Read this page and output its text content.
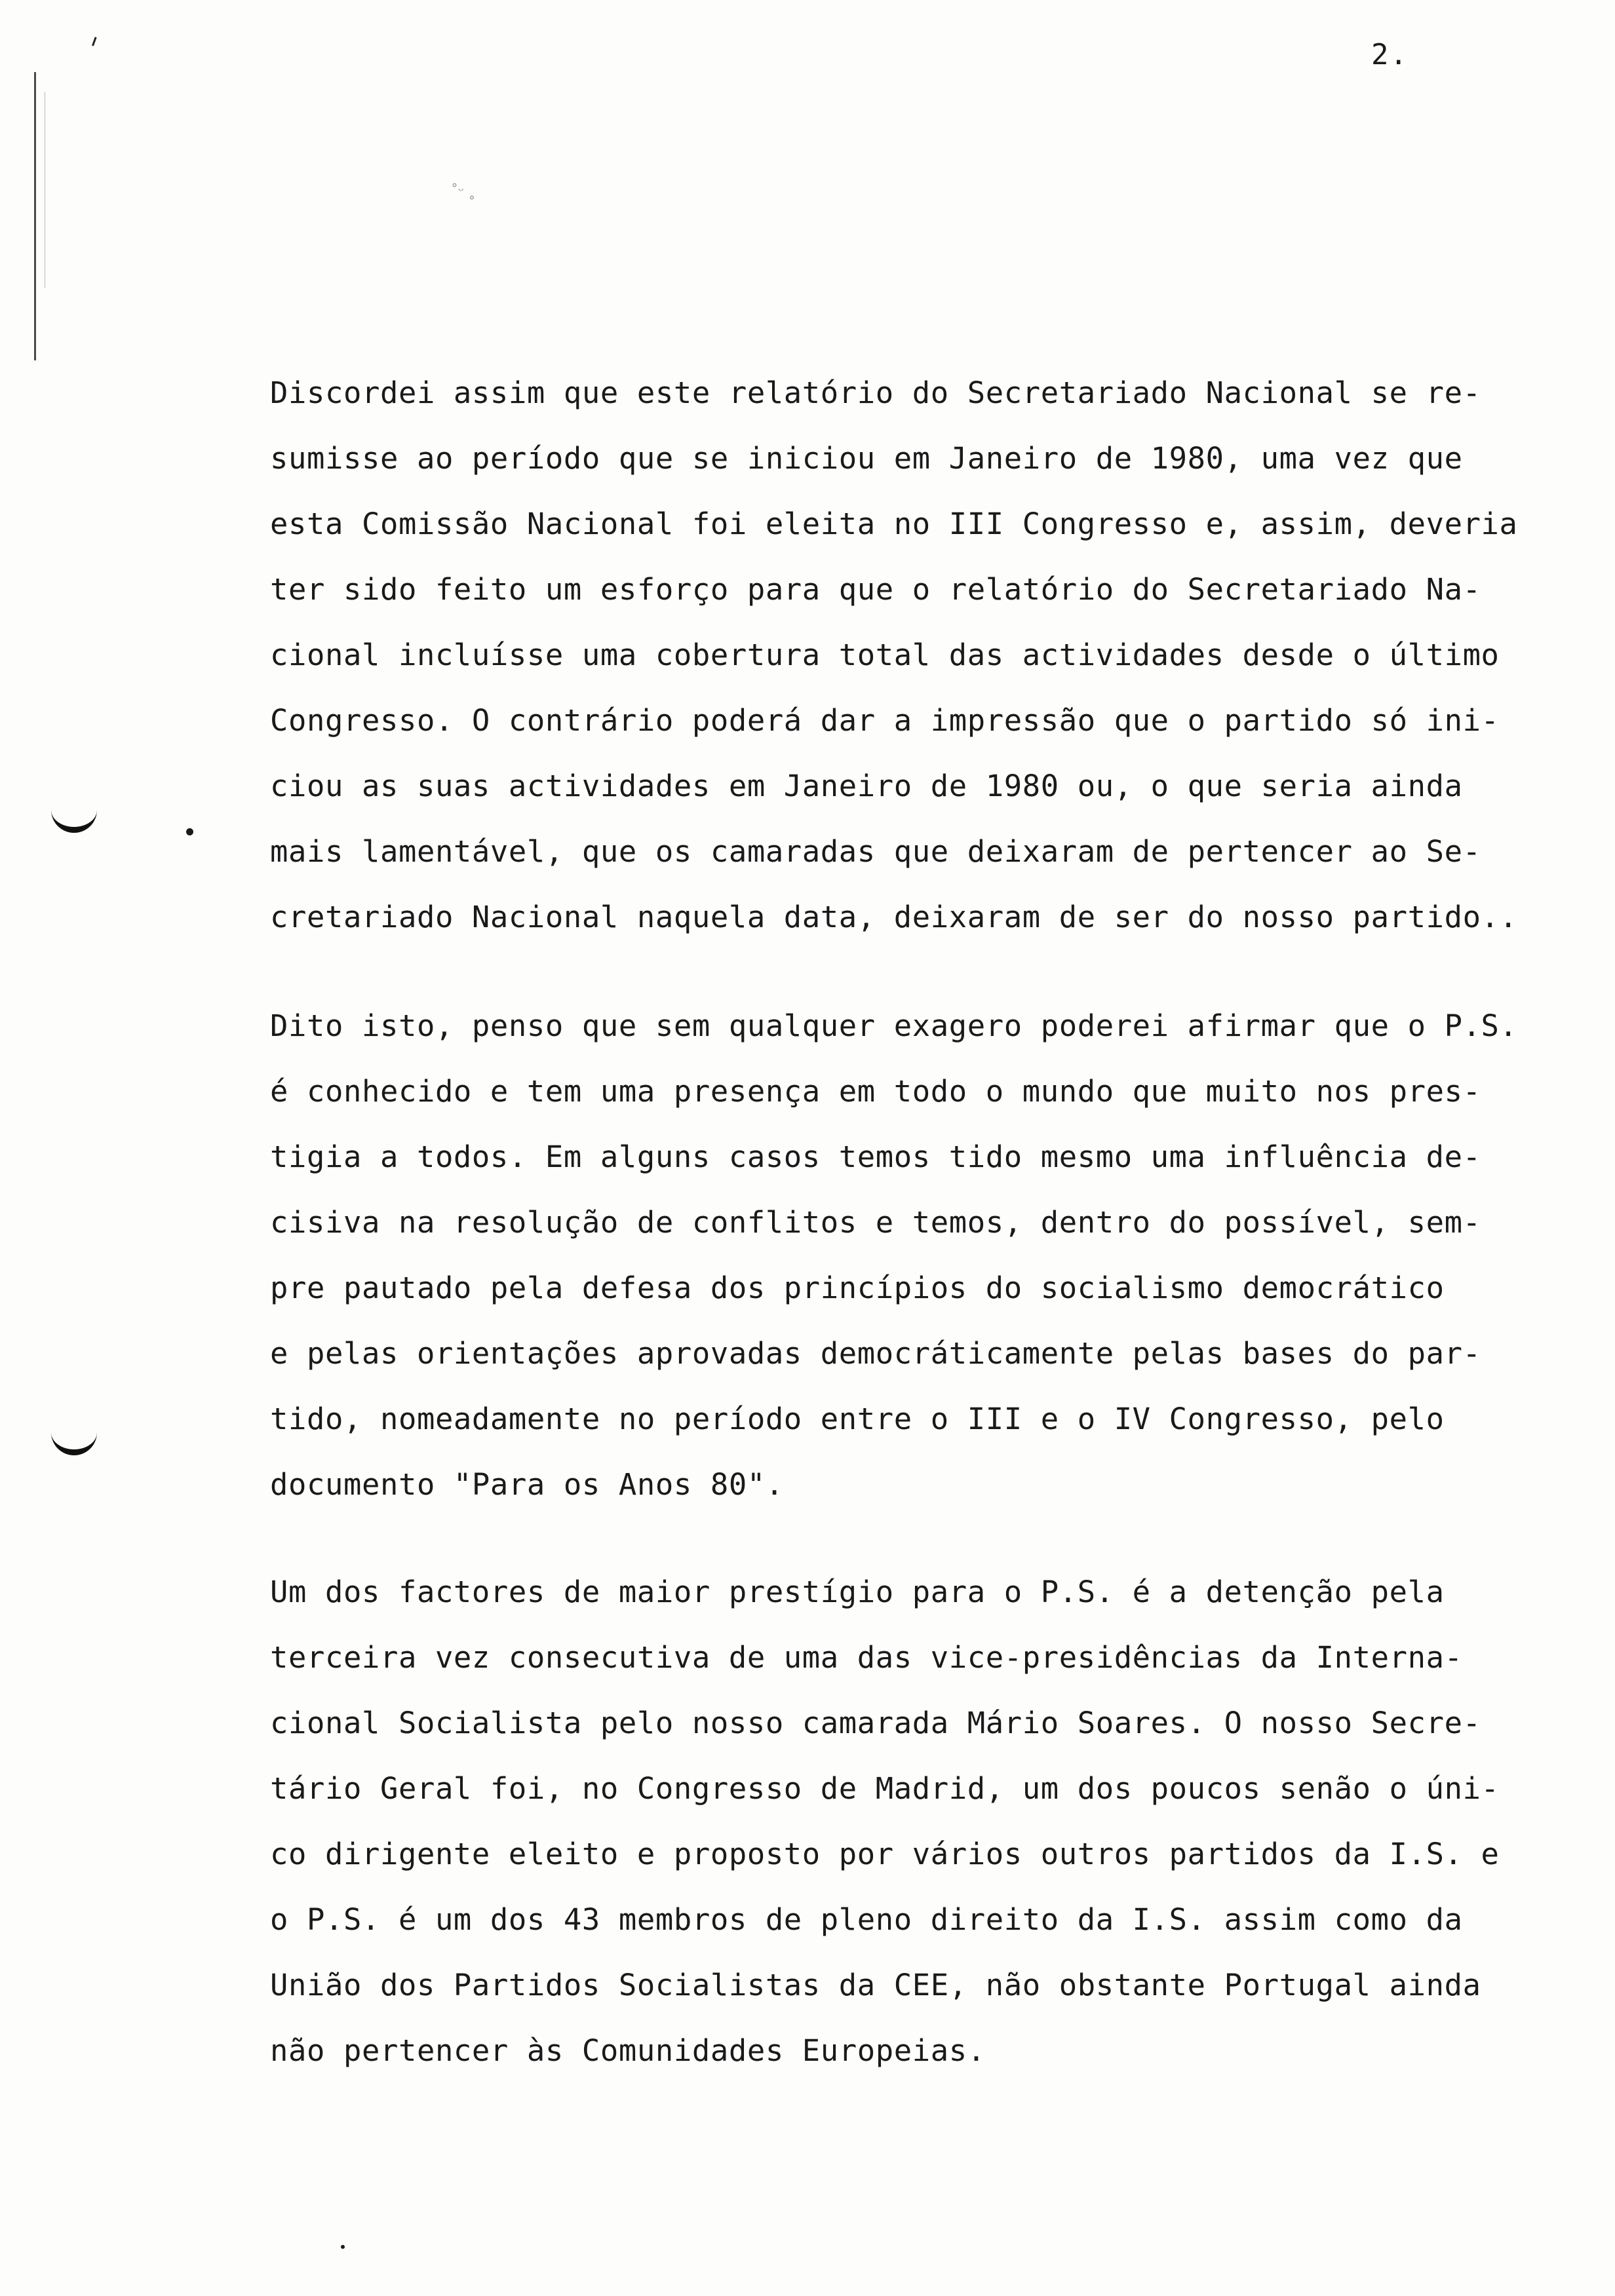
˚ᵕ ˳
2.
Discordei assim que este relatório do Secretariado Nacional se re-
sumisse ao período que se iniciou em Janeiro de 1980, uma vez que
esta Comissão Nacional foi eleita no III Congresso e, assim, deveria
ter sido feito um esforço para que o relatório do Secretariado Na-
cional incluísse uma cobertura total das actividades desde o último
Congresso. O contrário poderá dar a impressão que o partido só ini-
ciou as suas actividades em Janeiro de 1980 ou, o que seria ainda
mais lamentável, que os camaradas que deixaram de pertencer ao Se-
cretariado Nacional naquela data, deixaram de ser do nosso partido..
Dito isto, penso que sem qualquer exagero poderei afirmar que o P.S.
é conhecido e tem uma presença em todo o mundo que muito nos pres-
tigia a todos. Em alguns casos temos tido mesmo uma influência de-
cisiva na resolução de conflitos e temos, dentro do possível, sem-
pre pautado pela defesa dos princípios do socialismo democrático
e pelas orientações aprovadas democráticamente pelas bases do par-
tido, nomeadamente no período entre o III e o IV Congresso, pelo
documento "Para os Anos 80".
Um dos factores de maior prestígio para o P.S. é a detenção pela
terceira vez consecutiva de uma das vice-presidências da Interna-
cional Socialista pelo nosso camarada Mário Soares. O nosso Secre-
tário Geral foi, no Congresso de Madrid, um dos poucos senão o úni-
co dirigente eleito e proposto por vários outros partidos da I.S. e
o P.S. é um dos 43 membros de pleno direito da I.S. assim como da
União dos Partidos Socialistas da CEE, não obstante Portugal ainda
não pertencer às Comunidades Europeias.
